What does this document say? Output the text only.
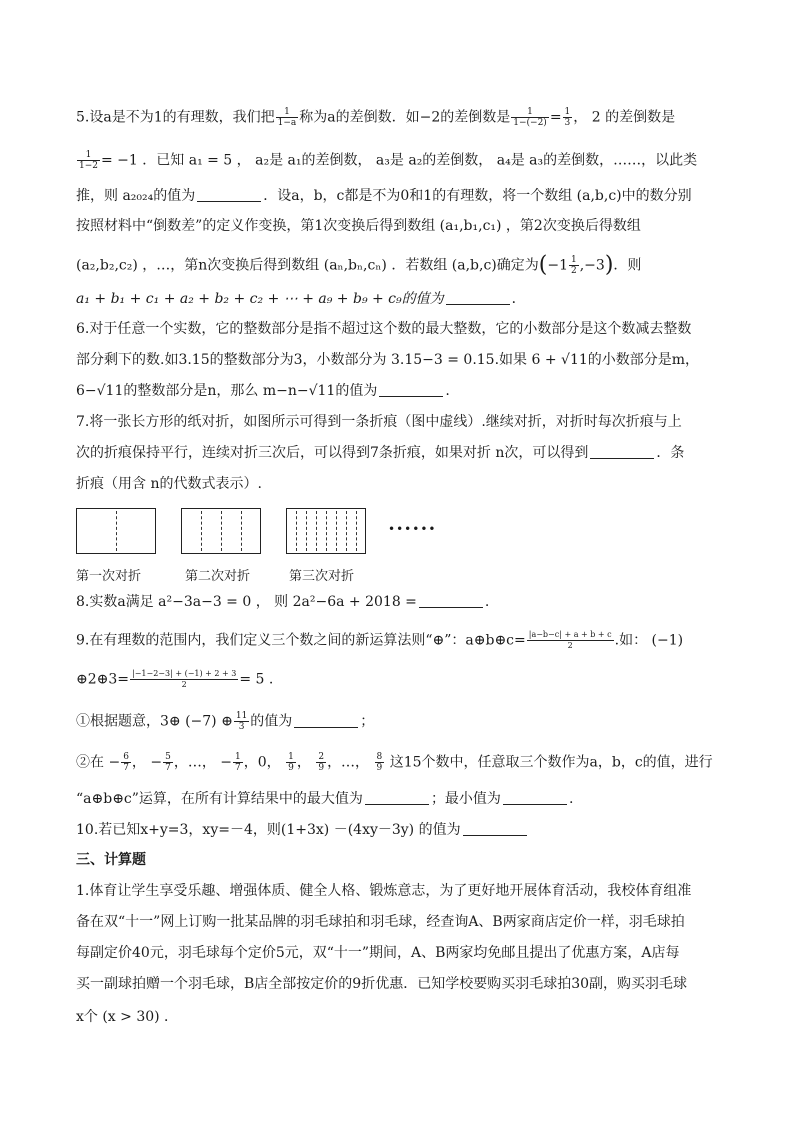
5.设a是不为1的有理数，我们把 $\frac{1}{1-a}$ 称为a的差倒数．如−2的差倒数是 $\frac{1}{1-(-2)} = \frac{1}{3}$ ， 2 的差倒数是
$\frac{1}{1-2} = -1$ ．已知 a₁ = 5 ， a₂是 a₁的差倒数， a₃是 a₂的差倒数， a₄是 a₃的差倒数，……，以此类
推，则 a₂₀₂₄的值为	．设a，b，c都是不为0和1的有理数，将一个数组 (a,b,c)中的数分别
按照材料中“倒数差”的定义作变换，第1次变换后得到数组 (a₁,b₁,c₁) ，第2次变换后得数组
(a₂,b₂,c₂) ，…，第n次变换后得到数组 (aₙ,bₙ,cₙ) ．若数组 (a,b,c)确定为$(-1 \frac{1}{2} ,-3)$．则
a₁ + b₁ + c₁ + a₂ + b₂ + c₂ + ⋯ + a₉ + b₉ + c₉的值为	．
6.对于任意一个实数，它的整数部分是指不超过这个数的最大整数，它的小数部分是这个数减去整数
部分剩下的数.如3.15的整数部分为3，小数部分为 3.15−3 = 0.15.如果 6 + √11的小数部分是m，
6−√11的整数部分是n，那么 m−n−√11的值为	.
7.将一张长方形的纸对折，如图所示可得到一条折痕（图中虚线）.继续对折，对折时每次折痕与上
次的折痕保持平行，连续对折三次后，可以得到7条折痕，如果对折 n次，可以得到	．条
折痕（用含 n的代数式表示）.
••••••
第一次对折	第二次对折	第三次对折
8.实数a满足 a²−3a−3 = 0 ， 则 2a²−6a + 2018 =	.
9.在有理数的范围内，我们定义三个数之间的新运算法则“⊕”：a⊕b⊕c= $\frac{|a-b-c| + a + b + c}{2}$ .如： (−1)
⊕2⊕3= $\frac{|-1-2-3| + (-1) + 2 + 3}{2} = 5$ .
①根据题意，3⊕ (−7) ⊕ $\frac{11}{3}$ 的值为	；
②在 − $\frac{6}{7}$ ， − $\frac{5}{7}$ ，…， − $\frac{1}{7}$ ，0， $\frac{1}{9}$ ， $\frac{2}{9}$ ，…， $\frac{8}{9}$ 这15个数中，任意取三个数作为a，b，c的值，进行
“a⊕b⊕c”运算，在所有计算结果中的最大值为	；最小值为	.
10.若已知x+y=3，xy=－4，则(1+3x) －(4xy－3y) 的值为
三、计算题
1.体育让学生享受乐趣、增强体质、健全人格、锻炼意志，为了更好地开展体育活动，我校体育组准
备在双“十一”网上订购一批某品牌的羽毛球拍和羽毛球，经查询A、B两家商店定价一样，羽毛球拍
每副定价40元，羽毛球每个定价5元，双“十一”期间，A、B两家均免邮且提出了优惠方案，A店每
买一副球拍赠一个羽毛球，B店全部按定价的9折优惠．已知学校要购买羽毛球拍30副，购买羽毛球
x个 (x > 30) ．
